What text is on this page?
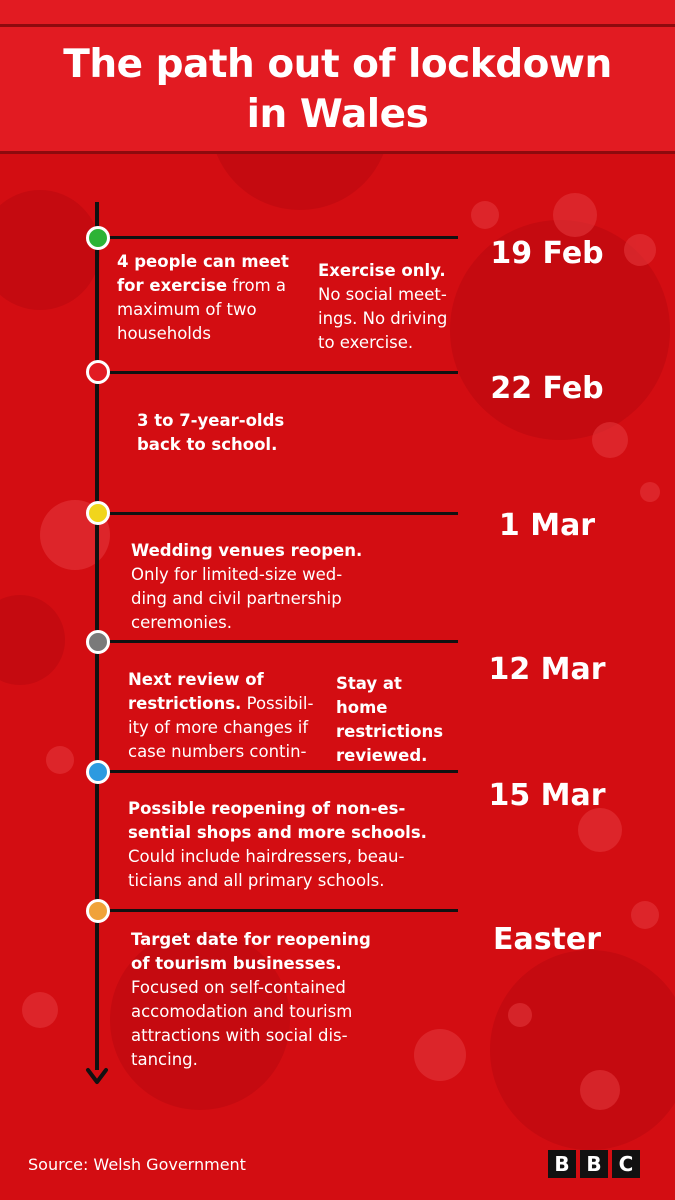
The path out of lockdown
in Wales
19 Feb
4 people can meet for exercise from a maximum of two households
Exercise only. No social meet-ings. No driving to exercise.
22 Feb
3 to 7-year-olds back to school.
1 Mar
Wedding venues reopen. Only for limited-size wed-ding and civil partnership ceremonies.
12 Mar
Next review of restrictions. Possibil-ity of more changes if case numbers contin-
Stay at home restrictions reviewed.
15 Mar
Possible reopening of non-es-sential shops and more schools. Could include hairdressers, beau-ticians and all primary schools.
Easter
Target date for reopening of tourism businesses. Focused on self-contained accomodation and tourism attractions with social dis-tancing.
Source: Welsh Government	B B C
